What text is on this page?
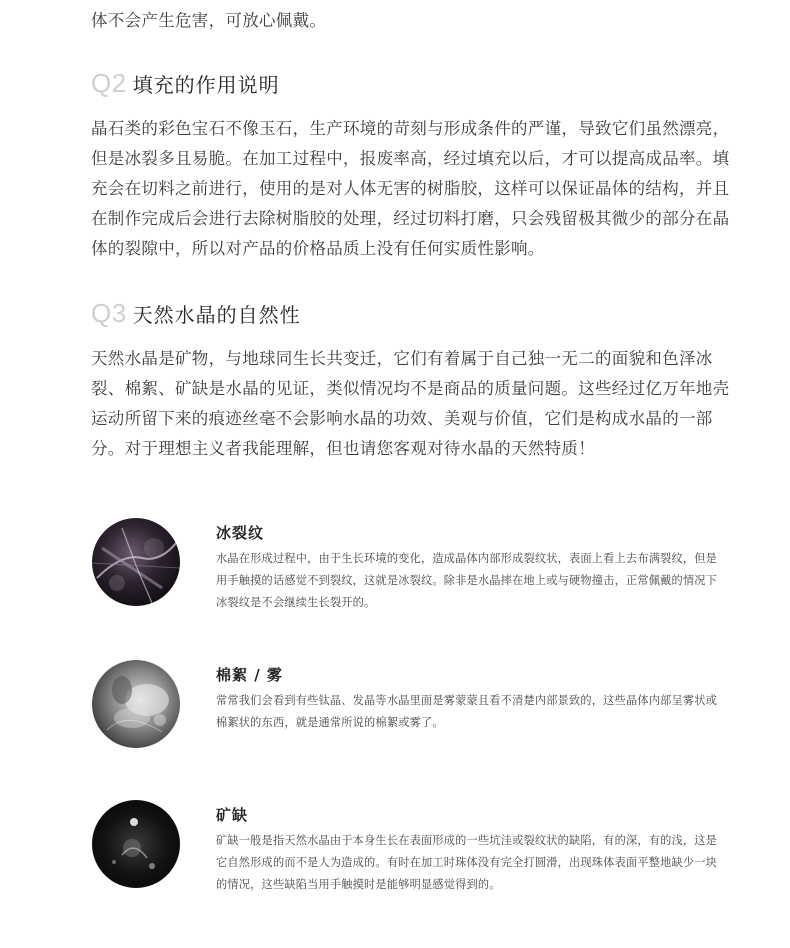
体不会产生危害，可放心佩戴。

Q2 填充的作用说明

晶石类的彩色宝石不像玉石，生产环境的苛刻与形成条件的严谨，导致它们虽然漂亮，但是冰裂多且易脆。在加工过程中，报废率高，经过填充以后，才可以提高成品率。填充会在切料之前进行，使用的是对人体无害的树脂胶，这样可以保证晶体的结构，并且在制作完成后会进行去除树脂胶的处理，经过切料打磨，只会残留极其微少的部分在晶体的裂隙中，所以对产品的价格品质上没有任何实质性影响。

Q3 天然水晶的自然性

天然水晶是矿物，与地球同生长共变迁，它们有着属于自己独一无二的面貌和色泽冰裂、棉絮、矿缺是水晶的见证，类似情况均不是商品的质量问题。这些经过亿万年地壳运动所留下来的痕迹丝毫不会影响水晶的功效、美观与价值，它们是构成水晶的一部分。对于理想主义者我能理解，但也请您客观对待水晶的天然特质！

冰裂纹

水晶在形成过程中，由于生长环境的变化，造成晶体内部形成裂纹状，表面上看上去布满裂纹，但是用手触摸的话感觉不到裂纹，这就是冰裂纹。除非是水晶摔在地上或与硬物撞击，正常佩戴的情况下冰裂纹是不会继续生长裂开的。

棉絮 / 雾

常常我们会看到有些钛晶、发晶等水晶里面是雾蒙蒙且看不清楚内部景致的，这些晶体内部呈雾状或棉絮状的东西，就是通常所说的棉絮或雾了。

矿缺

矿缺一般是指天然水晶由于本身生长在表面形成的一些坑洼或裂纹状的缺陷，有的深，有的浅，这是它自然形成的而不是人为造成的。有时在加工时珠体没有完全打圆滑，出现珠体表面平整地缺少一块的情况，这些缺陷当用手触摸时是能够明显感觉得到的。
